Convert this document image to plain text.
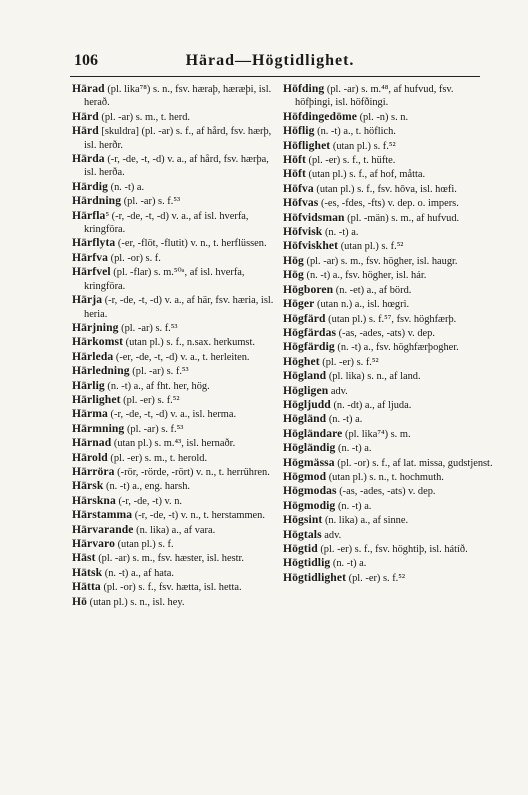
106	Härad—Högtidlighet.

Härad (pl. lika⁷⁸) s. n., fsv. hæraþ, hæræþi, isl. herað.

Härd (pl. -ar) s. m., t. herd.

Härd [skuldra] (pl. -ar) s. f., af hård, fsv. hærþ, isl. herðr.

Härda (-r, -de, -t, -d) v. a., af hård, fsv. hærþa, isl. herða.

Härdig (n. -t) a.

Härdning (pl. -ar) s. f.⁵³

Härfla⁵ (-r, -de, -t, -d) v. a., af isl. hverfa, kringföra.

Härflyta (-er, -flöt, -flutit) v. n., t. herflüssen.

Härfva (pl. -or) s. f.

Härfvel (pl. -flar) s. m.⁵⁰ᵃ, af isl. hverfa, kringföra.

Härja (-r, -de, -t, -d) v. a., af här, fsv. hæria, isl. heria.

Härjning (pl. -ar) s. f.⁵³

Härkomst (utan pl.) s. f., n.sax. herkumst.

Härleda (-er, -de, -t, -d) v. a., t. herleiten.

Härledning (pl. -ar) s. f.⁵³

Härlig (n. -t) a., af fht. her, hög.

Härlighet (pl. -er) s. f.⁵²

Härma (-r, -de, -t, -d) v. a., isl. herma.

Härmning (pl. -ar) s. f.⁵³

Härnad (utan pl.) s. m.⁴³, isl. hernaðr.

Härold (pl. -er) s. m., t. herold.

Härröra (-rör, -rörde, -rört) v. n., t. herrühren.

Härsk (n. -t) a., eng. harsh.

Härskna (-r, -de, -t) v. n.

Härstamma (-r, -de, -t) v. n., t. herstammen.

Härvarande (n. lika) a., af vara.

Härvaro (utan pl.) s. f.

Häst (pl. -ar) s. m., fsv. hæster, isl. hestr.

Hätsk (n. -t) a., af hata.

Hätta (pl. -or) s. f., fsv. hætta, isl. hetta.

Hö (utan pl.) s. n., isl. hey.

Höfding (pl. -ar) s. m.⁴⁸, af hufvud, fsv. höfþingi, isl. höfðingi.

Höfdingedöme (pl. -n) s. n.

Höflig (n. -t) a., t. höflich.

Höflighet (utan pl.) s. f.⁵²

Höft (pl. -er) s. f., t. hüfte.

Höft (utan pl.) s. f., af hof, måtta.

Höfva (utan pl.) s. f., fsv. hōva, isl. hœfi.

Höfvas (-es, -fdes, -fts) v. dep. o. impers.

Höfvidsman (pl. -män) s. m., af hufvud.

Höfvisk (n. -t) a.

Höfviskhet (utan pl.) s. f.⁵²

Hög (pl. -ar) s. m., fsv. högher, isl. haugr.

Hög (n. -t) a., fsv. högher, isl. hár.

Högboren (n. -et) a., af börd.

Höger (utan n.) a., isl. hœgri.

Högfärd (utan pl.) s. f.⁵⁷, fsv. höghfærþ.

Högfärdas (-as, -ades, -ats) v. dep.

Högfärdig (n. -t) a., fsv. höghfærþogher.

Höghet (pl. -er) s. f.⁵²

Högland (pl. lika) s. n., af land.

Högligen adv.

Högljudd (n. -dt) a., af ljuda.

Högländ (n. -t) a.

Högländare (pl. lika⁷⁴) s. m.

Högländig (n. -t) a.

Högmässa (pl. -or) s. f., af lat. missa, gudstjenst.

Högmod (utan pl.) s. n., t. hochmuth.

Högmodas (-as, -ades, -ats) v. dep.

Högmodig (n. -t) a.

Högsint (n. lika) a., af sinne.

Högtals adv.

Högtid (pl. -er) s. f., fsv. höghtiþ, isl. hátíð.

Högtidlig (n. -t) a.

Högtidlighet (pl. -er) s. f.⁵²
